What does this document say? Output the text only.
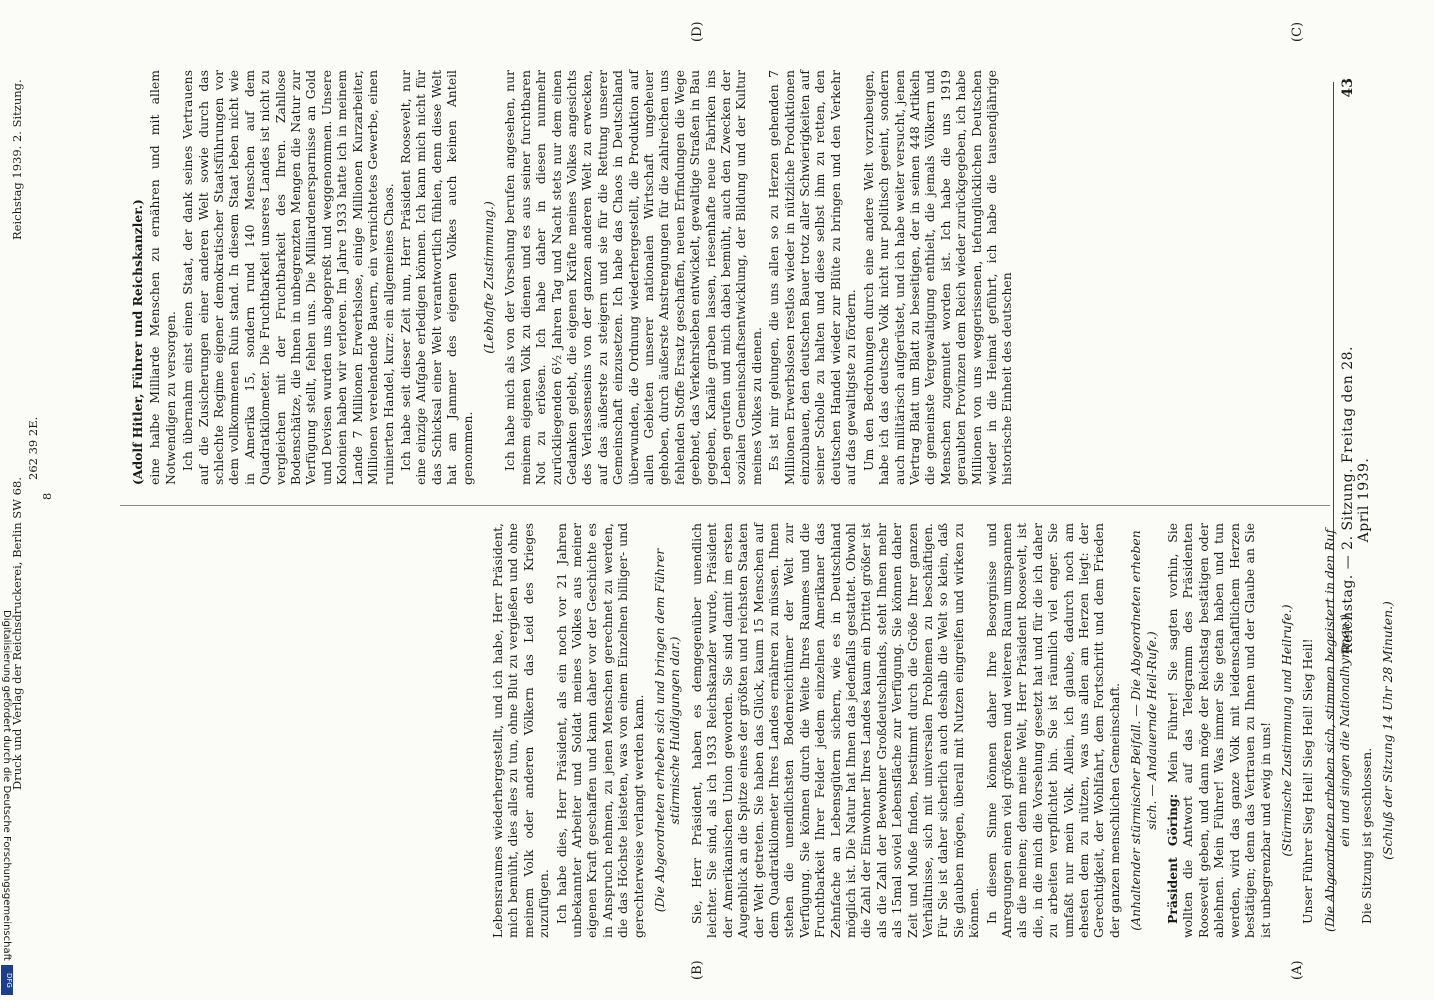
43
Reichstag. — 2. Sitzung. Freitag den 28. April 1939.
(C)
(D)
(A)
(B)

(Adolf Hitler, Führer und Reichskanzler.) eine halbe Milliarde Menschen zu ernähren und mit allem Notwendigen zu versorgen. Ich übernahm einst einen Staat, der dank seines Vertrauens auf die Zusicherungen einer anderen Welt sowie durch das schlechte Regime eigener demokratischer Staatsführungen vor dem vollkommenen Ruin stand. In diesem Staat leben nicht wie in Amerika 15, sondern rund 140 Menschen auf dem Quadratkilometer. Die Fruchtbarkeit unseres Landes ist nicht zu vergleichen mit der Fruchtbarkeit des Ihren. Zahllose Bodenschätze, die Ihnen in unbegrenzten Mengen die Natur zur Verfügung stellt, fehlen uns. Die Milliardenersparnisse an Gold und Devisen wurden uns abgepreßt und weggenommen. Unsere Kolonien haben wir verloren. Im Jahre 1933 hatte ich in meinem Lande 7 Millionen Erwerbslose, einige Millionen Kurzarbeiter, Millionen verelendende Bauern, ein vernichtetes Gewerbe, einen ruinierten Handel, kurz: ein allgemeines Chaos. Ich habe seit dieser Zeit nun, Herr Präsident Roosevelt, nur eine einzige Aufgabe erledigen können. Ich kann mich nicht für das Schicksal einer Welt verantwortlich fühlen, denn diese Welt hat am Jammer des eigenen Volkes auch keinen Anteil genommen.

(Lebhafte Zustimmung.) Ich habe mich als von der Vorsehung berufen angesehen, nur meinem eigenen Volk zu dienen und es aus seiner furchtbaren Not zu erlösen. Ich habe daher in diesen nunmehr zurückliegenden 6½ Jahren Tag und Nacht stets nur dem einen Gedanken gelebt, die eigenen Kräfte meines Volkes angesichts des Verlassenseins von der ganzen anderen Welt zu erwecken, auf das äußerste zu steigern und sie für die Rettung unserer Gemeinschaft einzusetzen. Ich habe das Chaos in Deutschland überwunden, die Ordnung wiederhergestellt, die Produktion auf allen Gebieten unserer nationalen Wirtschaft ungeheuer gehoben, durch äußerste Anstrengungen für die zahlreichen uns fehlenden Stoffe Ersatz geschaffen, neuen Erfindungen die Wege geebnet, das Verkehrsleben entwickelt, gewaltige Straßen in Bau gegeben, Kanäle graben lassen, riesenhafte neue Fabriken ins Leben gerufen und mich dabei bemüht, auch den Zwecken der sozialen Gemeinschaftsentwicklung, der Bildung und der Kultur meines Volkes zu dienen. Es ist mir gelungen, die uns allen so zu Herzen gehenden 7 Millionen Erwerbslosen restlos wieder in nützliche Produktionen einzubauen, den deutschen Bauer trotz aller Schwierigkeiten auf seiner Scholle zu halten und diese selbst ihm zu retten, den deutschen Handel wieder zur Blüte zu bringen und den Verkehr auf das gewaltigste zu fördern. Um den Bedrohungen durch eine andere Welt vorzubeugen, habe ich das deutsche Volk nicht nur politisch geeint, sondern auch militärisch aufgerüstet, und ich habe weiter versucht, jenen Vertrag Blatt um Blatt zu beseitigen, der in seinen 448 Artikeln die gemeinste Vergewaltigung enthielt, die jemals Völkern und Menschen zugemutet worden ist. Ich habe die uns 1919 geraubten Provinzen dem Reich wieder zurückgegeben, ich habe Millionen von uns weggerissenen, tiefunglücklichen Deutschen wieder in die Heimat geführt, ich habe die tausendjährige historische Einheit des deutschen

Lebensraumes wiederhergestellt, und ich habe, Herr Präsident, mich bemüht, dies alles zu tun, ohne Blut zu vergießen und ohne meinem Volk oder anderen Völkern das Leid des Krieges zuzufügen. Ich habe dies, Herr Präsident, als ein noch vor 21 Jahren unbekannter Arbeiter und Soldat meines Volkes aus meiner eigenen Kraft geschaffen und kann daher vor der Geschichte es in Anspruch nehmen, zu jenen Menschen gerechnet zu werden, die das Höchste leisteten, was von einem Einzelnen billiger- und gerechterweise verlangt werden kann. (Die Abgeordneten erheben sich und bringen dem Führer stürmische Huldigungen dar.) Sie, Herr Präsident, haben es demgegenüber unendlich leichter. Sie sind, als ich 1933 Reichskanzler wurde, Präsident der Amerikanischen Union geworden. Sie sind damit im ersten Augenblick an die Spitze eines der größten und reichsten Staaten der Welt getreten. Sie haben das Glück, kaum 15 Menschen auf dem Quadratkilometer Ihres Landes ernähren zu müssen. Ihnen stehen die unendlichsten Bodenreichtümer der Welt zur Verfügung. Sie können durch die Weite Ihres Raumes und die Fruchtbarkeit Ihrer Felder jedem einzelnen Amerikaner das Zehnfache an Lebensgütern sichern, wie es in Deutschland möglich ist. Die Natur hat Ihnen das jedenfalls gestattet. Obwohl die Zahl der Einwohner Ihres Landes kaum ein Drittel größer ist als die Zahl der Bewohner Großdeutschlands, steht Ihnen mehr als 15mal soviel Lebensfläche zur Verfügung. Sie können daher Zeit und Muße finden, bestimmt durch die Größe Ihrer ganzen Verhältnisse, sich mit universalen Problemen zu beschäftigen. Für Sie ist daher sicherlich auch deshalb die Welt so klein, daß Sie glauben mögen, überall mit Nutzen eingreifen und wirken zu können. In diesem Sinne können daher Ihre Besorgnisse und Anregungen einen viel größeren und weiteren Raum umspannen als die meinen; denn meine Welt, Herr Präsident Roosevelt, ist die, in die mich die Vorsehung gesetzt hat und für die ich daher zu arbeiten verpflichtet bin. Sie ist räumlich viel enger. Sie umfaßt nur mein Volk. Allein, ich glaube, dadurch noch am ehesten dem zu nützen, was uns allen am Herzen liegt: der Gerechtigkeit, der Wohlfahrt, dem Fortschritt und dem Frieden der ganzen menschlichen Gemeinschaft. (Anhaltender stürmischer Beifall. — Die Abgeordneten erheben sich. — Andauernde Heil-Rufe.)

Präsident Göring: Mein Führer! Sie sagten vorhin, Sie wollten die Antwort auf das Telegramm des Präsidenten Roosevelt geben, und dann möge der Reichstag bestätigen oder ablehnen. Mein Führer! Was immer Sie getan haben und tun werden, wird das ganze Volk mit leidenschaftlichem Herzen bestätigen; denn das Vertrauen zu Ihnen und der Glaube an Sie ist unbegrenzbar und ewig in uns! (Stürmische Zustimmung und Heilrufe.) Unser Führer Sieg Heil! Sieg Heil! Sieg Heil! (Die Abgeordneten erheben sich, stimmen begeistert in den Ruf ein und singen die Nationalhymnen.) Die Sitzung ist geschlossen. (Schluß der Sitzung 14 Uhr 28 Minuten.)

8
Reichstag 1939. 2. Sitzung.
Druck und Verlag der Reichsdruckerei, Berlin SW 68.
262 39 2E.
Digitalisierung gefördert durch die Deutsche Forschungsgemeinschaft
DFG
